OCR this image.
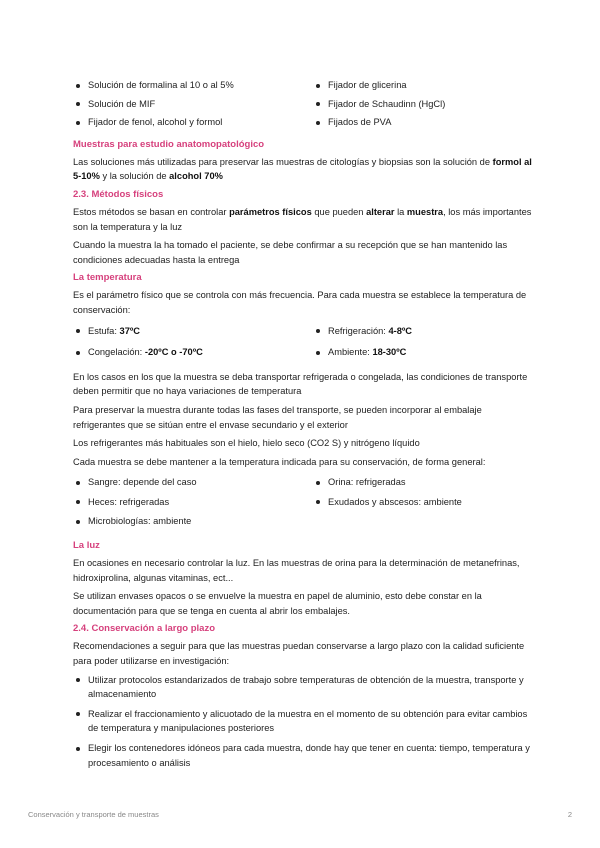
Solución de formalina al 10 o al 5%
Solución de MIF
Fijador de fenol, alcohol y formol
Fijador de glicerina
Fijador de Schaudinn (HgCl)
Fijados de PVA
Muestras para estudio anatomopatológico

Las soluciones más utilizadas para preservar las muestras de citologías y biopsias son la solución de formol al 5-10% y la solución de alcohol 70%

2.3. Métodos físicos

Estos métodos se basan en controlar parámetros físicos que pueden alterar la muestra, los más importantes son la temperatura y la luz

Cuando la muestra la ha tomado el paciente, se debe confirmar a su recepción que se han mantenido las condiciones adecuadas hasta la entrega

La temperatura

Es el parámetro físico que se controla con más frecuencia. Para cada muestra se establece la temperatura de conservación:

Estufa: 37ºC
Congelación: -20ºC o -70ºC
Refrigeración: 4-8ºC
Ambiente: 18-30ºC

En los casos en los que la muestra se deba transportar refrigerada o congelada, las condiciones de transporte deben permitir que no haya variaciones de temperatura

Para preservar la muestra durante todas las fases del transporte, se pueden incorporar al embalaje refrigerantes que se sitúan entre el envase secundario y el exterior

Los refrigerantes más habituales son el hielo, hielo seco (CO2 S) y nitrógeno líquido

Cada muestra se debe mantener a la temperatura indicada para su conservación, de forma general:

Sangre: depende del caso
Heces: refrigeradas
Microbiologías: ambiente
Orina: refrigeradas
Exudados y abscesos: ambiente
La luz

En ocasiones en necesario controlar la luz. En las muestras de orina para la determinación de metanefrinas, hidroxiprolina, algunas vitaminas, ect...

Se utilizan envases opacos o se envuelve la muestra en papel de aluminio, esto debe constar en la documentación para que se tenga en cuenta al abrir los embalajes.

2.4. Conservación a largo plazo

Recomendaciones a seguir para que las muestras puedan conservarse a largo plazo con la calidad suficiente para poder utilizarse en investigación:

Utilizar protocolos estandarizados de trabajo sobre temperaturas de obtención de la muestra, transporte y almacenamiento
Realizar el fraccionamiento y alicuotado de la muestra en el momento de su obtención para evitar cambios de temperatura y manipulaciones posteriores
Elegir los contenedores idóneos para cada muestra, donde hay que tener en cuenta: tiempo, temperatura y procesamiento o análisis
Conservación y transporte de muestras	2
